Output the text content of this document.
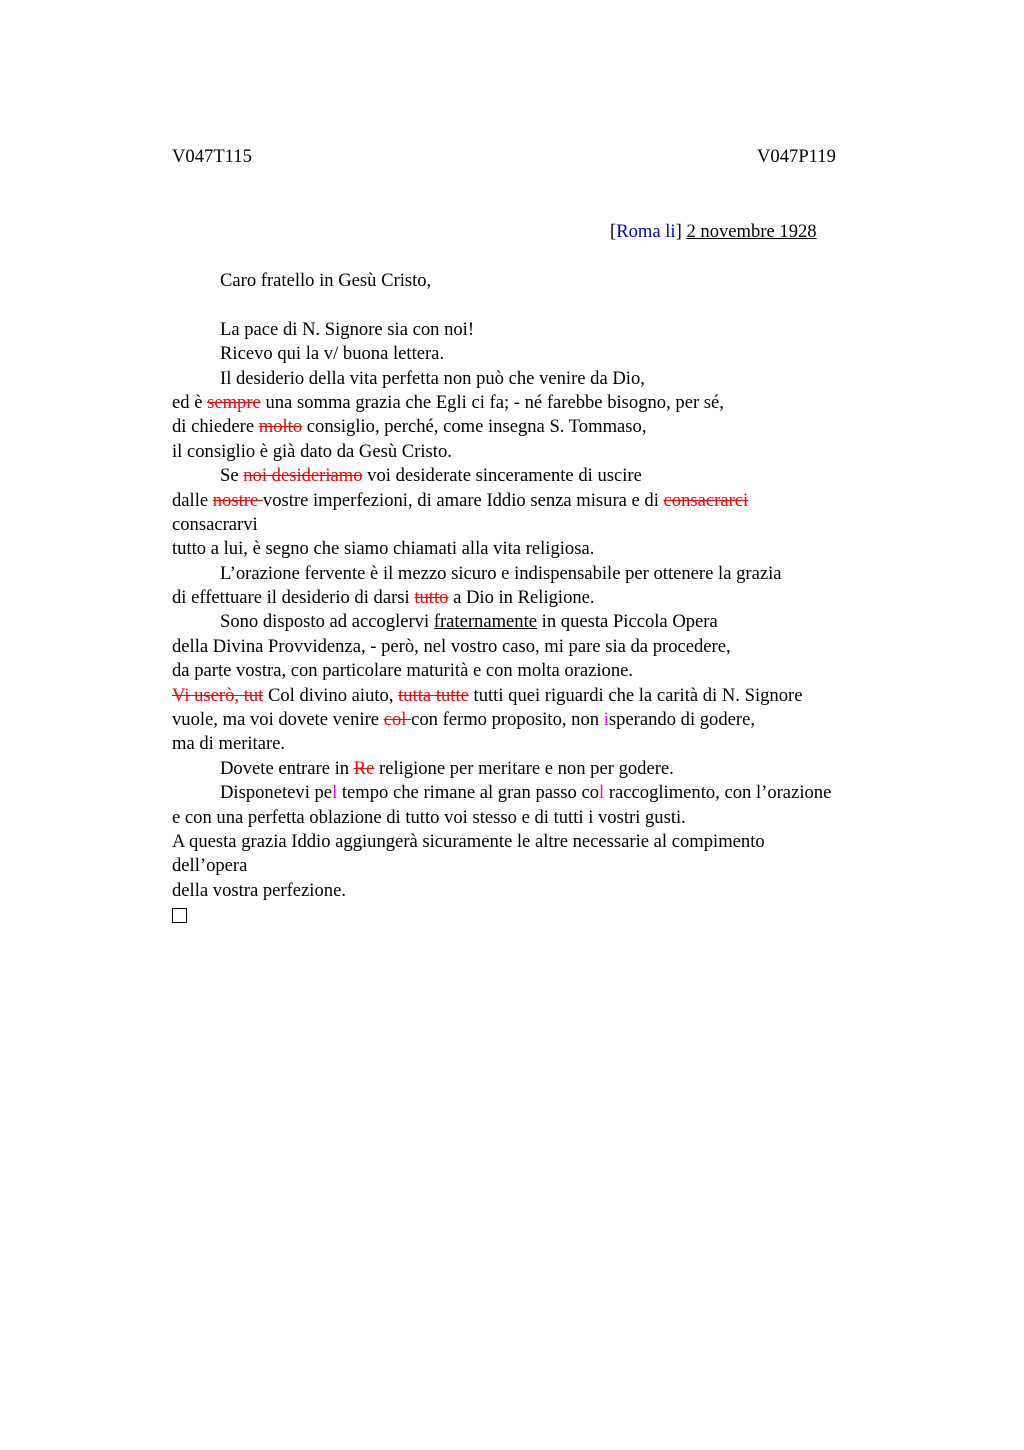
V047T115	V047P119
[Roma li] 2 novembre 1928
Caro fratello in Gesù Cristo,
La pace di N. Signore sia con noi!
Ricevo qui la v/ buona lettera.
Il desiderio della vita perfetta non può che venire da Dio,
ed è sempre una somma grazia che Egli ci fa; - né farebbe bisogno, per sé,
di chiedere molto consiglio, perché, come insegna S. Tommaso,
il consiglio è già dato da Gesù Cristo.
Se noi desideriamo voi desiderate sinceramente di uscire
dalle nostre vostre imperfezioni, di amare Iddio senza misura e di consacrarci
consacrarvi
tutto a lui, è segno che siamo chiamati alla vita religiosa.
L’orazione fervente è il mezzo sicuro e indispensabile per ottenere la grazia
di effettuare il desiderio di darsi tutto a Dio in Religione.
Sono disposto ad accoglervi fraternamente in questa Piccola Opera
della Divina Provvidenza, - però, nel vostro caso, mi pare sia da procedere,
da parte vostra, con particolare maturità e con molta orazione.
Vi userò, tut Col divino aiuto, tutta tutte tutti quei riguardi che la carità di N. Signore
vuole, ma voi dovete venire col con fermo proposito, non isperando di godere,
ma di meritare.
Dovete entrare in Re religione per meritare e non per godere.
Disponetevi pel tempo che rimane al gran passo col raccoglimento, con l’orazione
e con una perfetta oblazione di tutto voi stesso e di tutti i vostri gusti.
A questa grazia Iddio aggiungerà sicuramente le altre necessarie al compimento
dell’opera
della vostra perfezione.
